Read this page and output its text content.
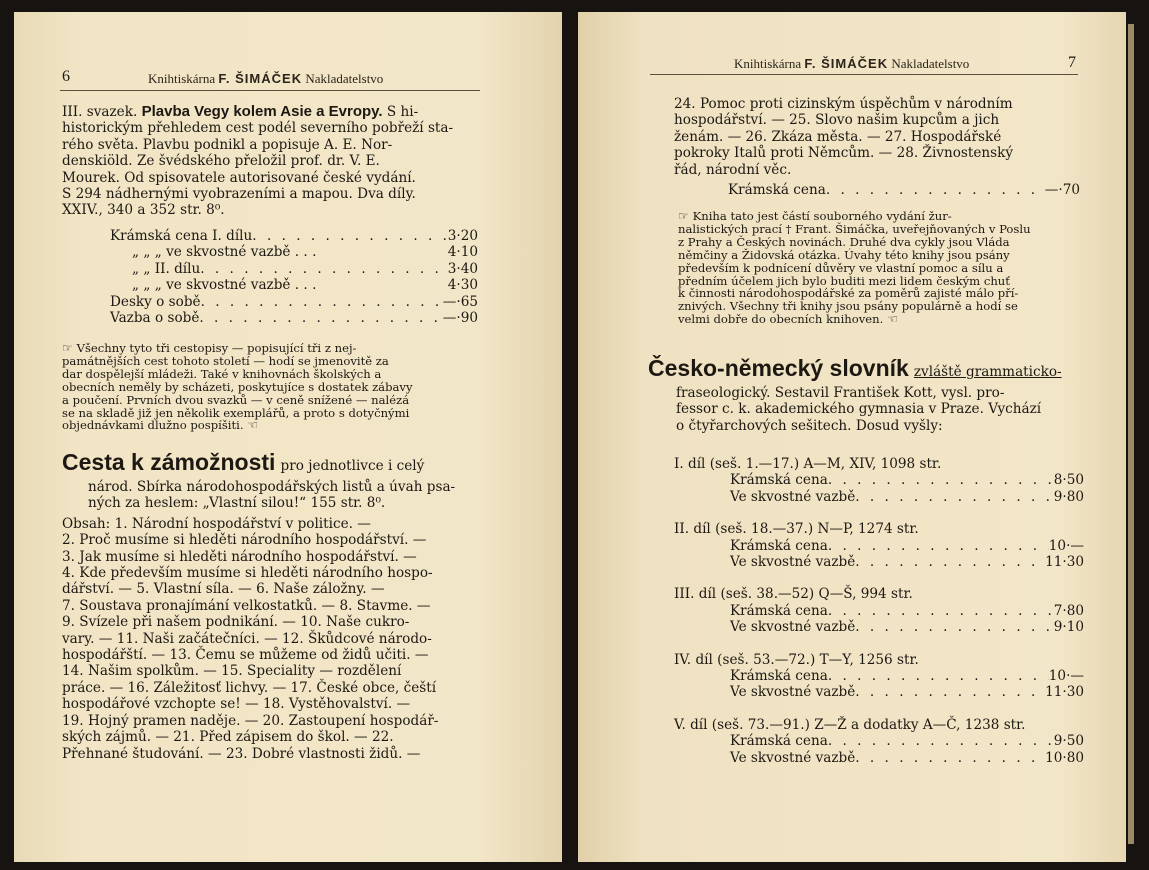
6	Knihtiskárna F. ŠIMÁČEK Nakladatelstvo
III. svazek. Plavba Vegy kolem Asie a Evropy. S hi-
historickým přehledem cest podél severního pobřeží sta-
rého světa. Plavbu podnikl a popisuje A. E. Nor-
denskiöld. Ze švédského přeložil prof. dr. V. E.
Mourek. Od spisovatele autorisované české vydání.
S 294 nádhernými vyobrazeními a mapou. Dva díly.
XXIV., 340 a 352 str. 8⁰.
Krámská cena I. dílu . . .	3·20
„ „ „ ve skvostné vazbě . . .	4·10
„ „ II. dílu . . .	3·40
„ „ „ ve skvostné vazbě . . .	4·30
Desky o sobě . . .	—·65
Vazba o sobě . . .	—·90
☞ Všechny tyto tři cestopisy — popisující tři z nej-
památnějších cest tohoto století — hodí se jmenovitě za
dar dospělejší mládeži. Také v knihovnách školských a
obecních neměly by scházeti, poskytujíce s dostatek zábavy
a poučení. Prvních dvou svazků — v ceně snížené — nalézá
se na skladě již jen několik exemplářů, a proto s dotyčnými
objednávkami dlužno pospíšiti. ☜
Cesta k zámožnosti pro jednotlivce i celý
národ. Sbírka národohospodářských listů a úvah psa-
ných za heslem: „Vlastní silou!“ 155 str. 8⁰.
Obsah: 1. Národní hospodářství v politice. —
2. Proč musíme si hleděti národního hospodářství. —
3. Jak musíme si hleděti národního hospodářství. —
4. Kde především musíme si hleděti národního hospo-
dářství. — 5. Vlastní síla. — 6. Naše záložny. —
7. Soustava pronajímání velkostatků. — 8. Stavme. —
9. Svízele při našem podnikání. — 10. Naše cukro-
vary. — 11. Naši začátečníci. — 12. Škůdcové národo-
hospodářští. — 13. Čemu se můžeme od židů učiti. —
14. Našim spolkům. — 15. Speciality — rozdělení
práce. — 16. Záležitosť lichvy. — 17. České obce, čeští
hospodářové vzchopte se! — 18. Vystěhovalství. —
19. Hojný pramen naděje. — 20. Zastoupení hospodář-
ských zájmů. — 21. Před zápisem do škol. — 22.
Přehnané študování. — 23. Dobré vlastnosti židů. —
Knihtiskárna F. ŠIMÁČEK Nakladatelstvo	7
24. Pomoc proti cizinským úspěchům v národním
hospodářství. — 25. Slovo našim kupcům a jich
ženám. — 26. Zkáza města. — 27. Hospodářské
pokroky Italů proti Němcům. — 28. Živnostenský
řád, národní věc.
Krámská cena . . .	—·70
☞ Kniha tato jest částí souborného vydání žur-
nalistických prací † Frant. Šimáčka, uveřejňovaných v Poslu
z Prahy a Českých novinách. Druhé dva cykly jsou Vláda
němčiny a Židovská otázka. Úvahy této knihy jsou psány
především k podnícení důvěry ve vlastní pomoc a sílu a
předním účelem jich bylo buditi mezi lidem českým chuť
k činnosti národohospodářské za poměrů zajisté málo pří-
znivých. Všechny tři knihy jsou psány populárně a hodí se
velmi dobře do obecních knihoven. ☜
Česko-německý slovník zvláště grammaticko-
fraseologický. Sestavil František Kott, vysl. pro-
fessor c. k. akademického gymnasia v Praze. Vychází
o čtyřarchových sešitech. Dosud vyšly:
I. díl (seš. 1.—17.) A—M, XIV, 1098 str.
Krámská cena . . .	8·50
Ve skvostné vazbě . . .	9·80
II. díl (seš. 18.—37.) N—P, 1274 str.
Krámská cena . . .	10·—
Ve skvostné vazbě . . .	11·30
III. díl (seš. 38.—52) Q—Š, 994 str.
Krámská cena . . .	7·80
Ve skvostné vazbě . . .	9·10
IV. díl (seš. 53.—72.) T—Y, 1256 str.
Krámská cena . . .	10·—
Ve skvostné vazbě . . .	11·30
V. díl (seš. 73.—91.) Z—Ž a dodatky A—Č, 1238 str.
Krámská cena . . .	9·50
Ve skvostné vazbě . . .	10·80
